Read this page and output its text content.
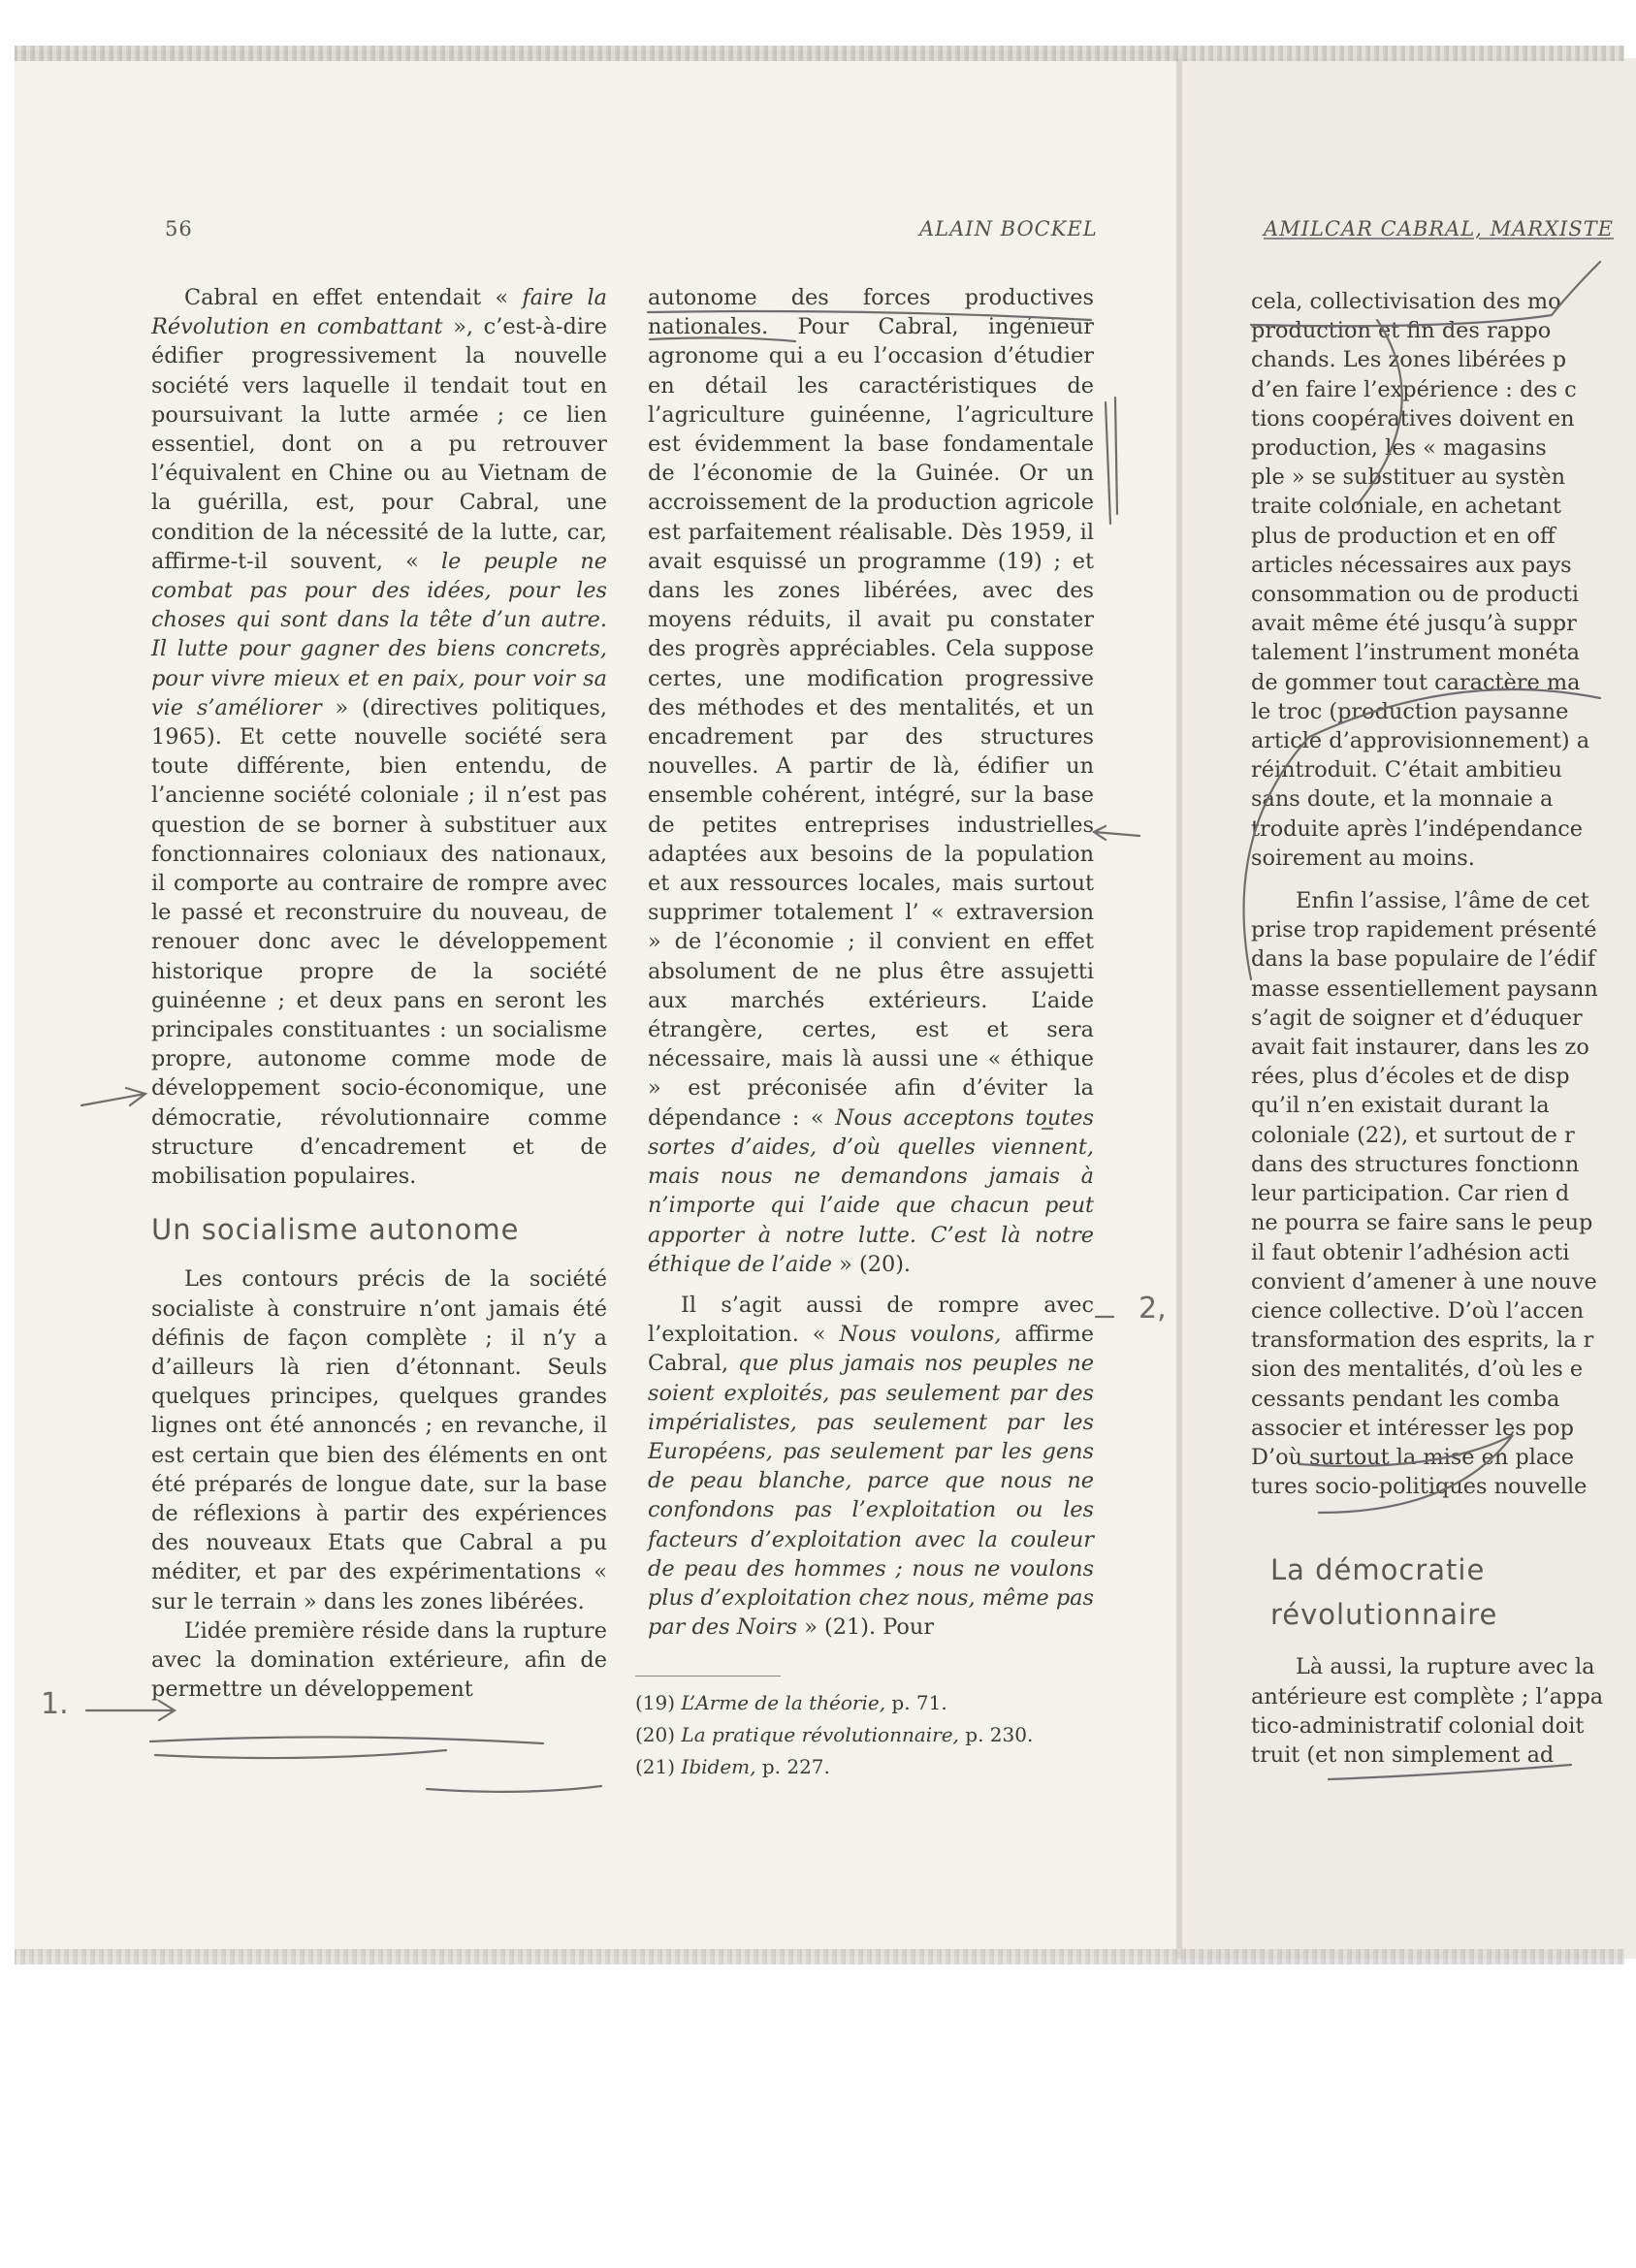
56	ALAIN BOCKEL	AMILCAR CABRAL, MARXISTE

Cabral en effet entendait « faire la Révolution en combattant », c’est-à-dire édifier progressivement la nouvelle société vers laquelle il tendait tout en poursuivant la lutte armée ; ce lien essentiel, dont on a pu retrouver l’équivalent en Chine ou au Vietnam de la guérilla, est, pour Cabral, une condition de la nécessité de la lutte, car, affirme-t-il souvent, « le peuple ne combat pas pour des idées, pour les choses qui sont dans la tête d’un autre. Il lutte pour gagner des biens concrets, pour vivre mieux et en paix, pour voir sa vie s’améliorer » (directives politiques, 1965). Et cette nouvelle société sera toute différente, bien entendu, de l’ancienne société coloniale ; il n’est pas question de se borner à substituer aux fonctionnaires coloniaux des nationaux, il comporte au contraire de rompre avec le passé et reconstruire du nouveau, de renouer donc avec le développement historique propre de la société guinéenne ; et deux pans en seront les principales constituantes : un socialisme propre, autonome comme mode de développement socio-économique, une démocratie, révolutionnaire comme structure d’encadrement et de mobilisation populaires.

Un socialisme autonome

Les contours précis de la société socialiste à construire n’ont jamais été définis de façon complète ; il n’y a d’ailleurs là rien d’étonnant. Seuls quelques principes, quelques grandes lignes ont été annoncés ; en revanche, il est certain que bien des éléments en ont été préparés de longue date, sur la base de réflexions à partir des expériences des nouveaux Etats que Cabral a pu méditer, et par des expérimentations « sur le terrain » dans les zones libérées.

L’idée première réside dans la rupture avec la domination extérieure, afin de permettre un développement

autonome des forces productives nationales. Pour Cabral, ingénieur agronome qui a eu l’occasion d’étudier en détail les caractéristiques de l’agriculture guinéenne, l’agriculture est évidemment la base fondamentale de l’économie de la Guinée. Or un accroissement de la production agricole est parfaitement réalisable. Dès 1959, il avait esquissé un programme (19) ; et dans les zones libérées, avec des moyens réduits, il avait pu constater des progrès appréciables. Cela suppose certes, une modification progressive des méthodes et des mentalités, et un encadrement par des structures nouvelles. A partir de là, édifier un ensemble cohérent, intégré, sur la base de petites entreprises industrielles adaptées aux besoins de la population et aux ressources locales, mais surtout supprimer totalement l’ « extraversion » de l’économie ; il convient en effet absolument de ne plus être assujetti aux marchés extérieurs. L’aide étrangère, certes, est et sera nécessaire, mais là aussi une « éthique » est préconisée afin d’éviter la dépendance : « Nous acceptons toutes sortes d’aides, d’où quelles viennent, mais nous ne demandons jamais à n’importe qui l’aide que chacun peut apporter à notre lutte. C’est là notre éthique de l’aide » (20).

Il s’agit aussi de rompre avec l’exploitation. « Nous voulons, affirme Cabral, que plus jamais nos peuples ne soient exploités, pas seulement par des impérialistes, pas seulement par les Européens, pas seulement par les gens de peau blanche, parce que nous ne confondons pas l’exploitation ou les facteurs d’exploitation avec la couleur de peau des hommes ; nous ne voulons plus d’exploitation chez nous, même pas par des Noirs » (21). Pour

(19) L’Arme de la théorie, p. 71.
(20) La pratique révolutionnaire, p. 230.
(21) Ibidem, p. 227.
cela, collectivisation des mo
production et fin des rappo
chands. Les zones libérées p
d’en faire l’expérience : des c
tions coopératives doivent en
production, les « magasins
ple » se substituer au systèn
traite coloniale, en achetant
plus de production et en off
articles nécessaires aux pays
consommation ou de producti
avait même été jusqu’à suppr
talement l’instrument monéta
de gommer tout caractère ma
le troc (production paysanne
article d’approvisionnement) a
réintroduit. C’était ambitieu
sans doute, et la monnaie a
troduite après l’indépendance
soirement au moins.
Enfin l’assise, l’âme de cet
prise trop rapidement présenté
dans la base populaire de l’édif
masse essentiellement paysann
s’agit de soigner et d’éduquer
avait fait instaurer, dans les zo
rées, plus d’écoles et de disp
qu’il n’en existait durant la
coloniale (22), et surtout de r
dans des structures fonctionn
leur participation. Car rien d
ne pourra se faire sans le peup
il faut obtenir l’adhésion acti
convient d’amener à une nouve
cience collective. D’où l’accen
transformation des esprits, la r
sion des mentalités, d’où les e
cessants pendant les comba
associer et intéresser les pop
D’où surtout la mise en place
tures socio-politiques nouvelle
La démocratie
révolutionnaire
Là aussi, la rupture avec la
antérieure est complète ; l’appa
tico-administratif colonial doit
truit (et non simplement ad
1.
2,
